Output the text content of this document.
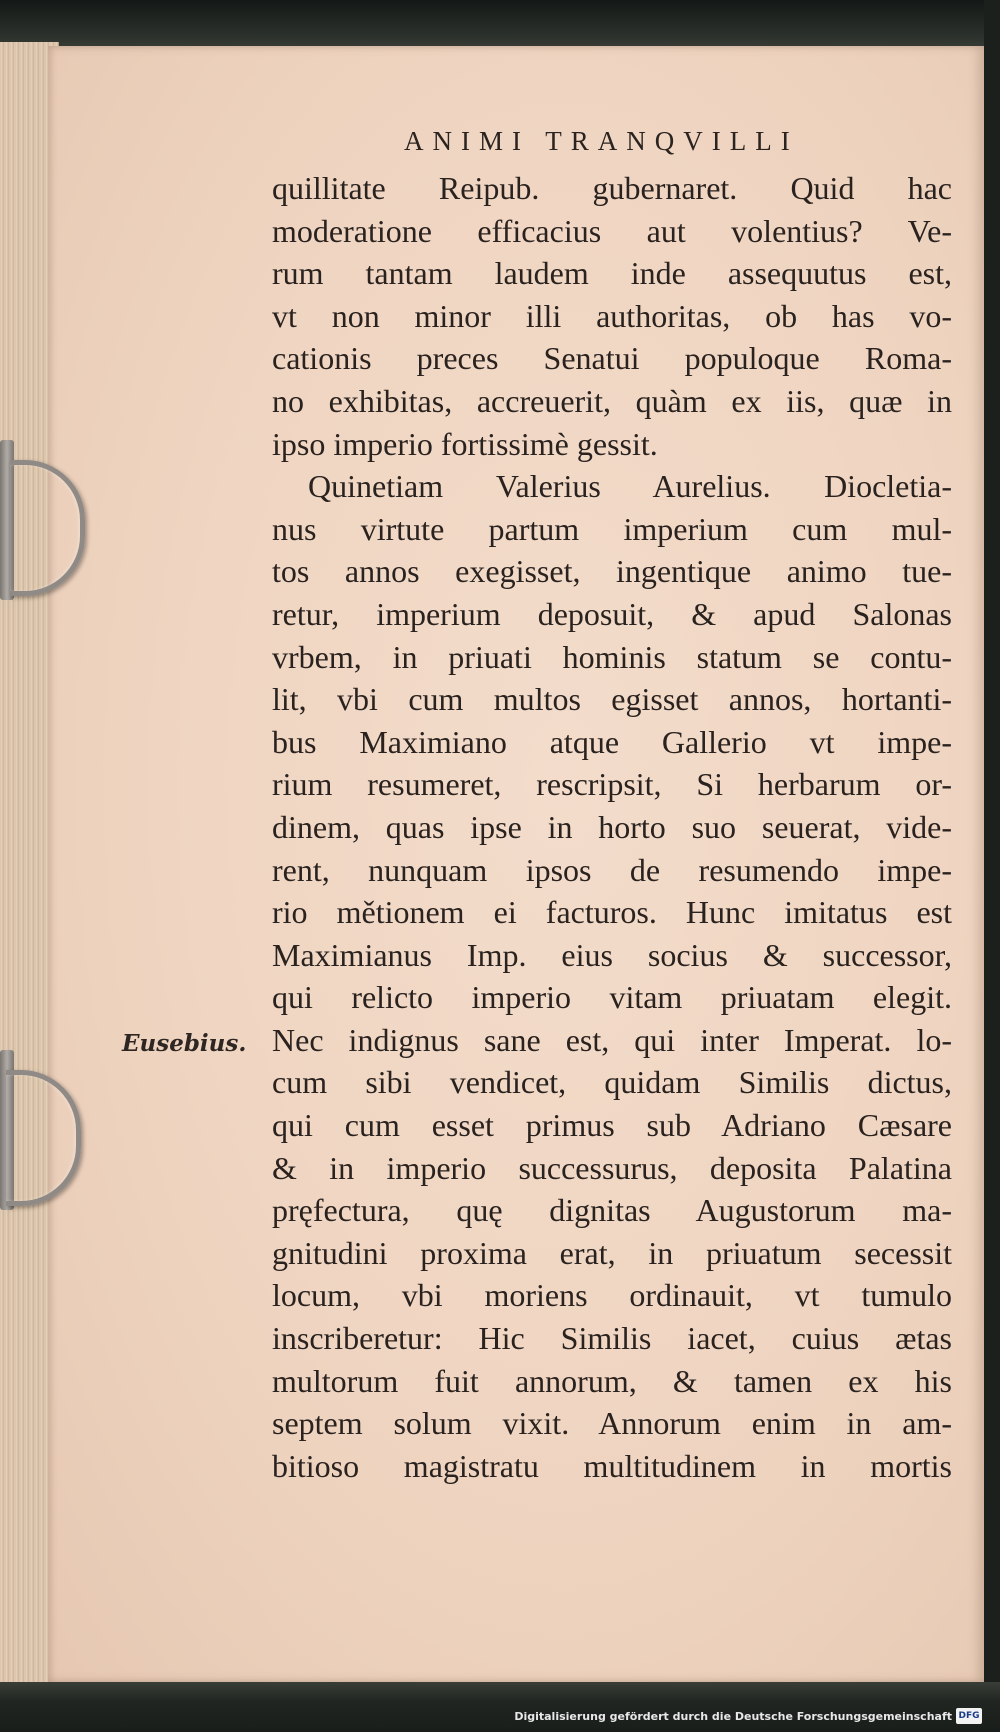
ANIMI TRANQVILLI
Eusebius.
quillitate Reipub. gubernaret. Quid hac
moderatione efficacius aut volentius? Ve-
rum tantam laudem inde assequutus est,
vt non minor illi authoritas, ob has vo-
cationis preces Senatui populoque Roma-
no exhibitas, accreuerit, quàm ex iis, quæ in
ipso imperio fortissimè gessit.
Quinetiam Valerius Aurelius. Diocletia-
nus virtute partum imperium cum mul-
tos annos exegisset, ingentique animo tue-
retur, imperium deposuit, & apud Salonas
vrbem, in priuati hominis statum se contu-
lit, vbi cum multos egisset annos, hortanti-
bus Maximiano atque Gallerio vt impe-
rium resumeret, rescripsit, Si herbarum or-
dinem, quas ipse in horto suo seuerat, vide-
rent, nunquam ipsos de resumendo impe-
rio mětionem ei facturos. Hunc imitatus est
Maximianus Imp. eius socius & successor,
qui relicto imperio vitam priuatam elegit.
Nec indignus sane est, qui inter Imperat. lo-
cum sibi vendicet, quidam Similis dictus,
qui cum esset primus sub Adriano Cæsare
& in imperio successurus, deposita Palatina
pręfectura, quę dignitas Augustorum ma-
gnitudini proxima erat, in priuatum secessit
locum, vbi moriens ordinauit, vt tumulo
inscriberetur: Hic Similis iacet, cuius ætas
multorum fuit annorum, & tamen ex his
septem solum vixit. Annorum enim in am-
bitioso magistratu multitudinem in mortis
Digitalisierung gefördert durch die Deutsche Forschungsgemeinschaft DFG
